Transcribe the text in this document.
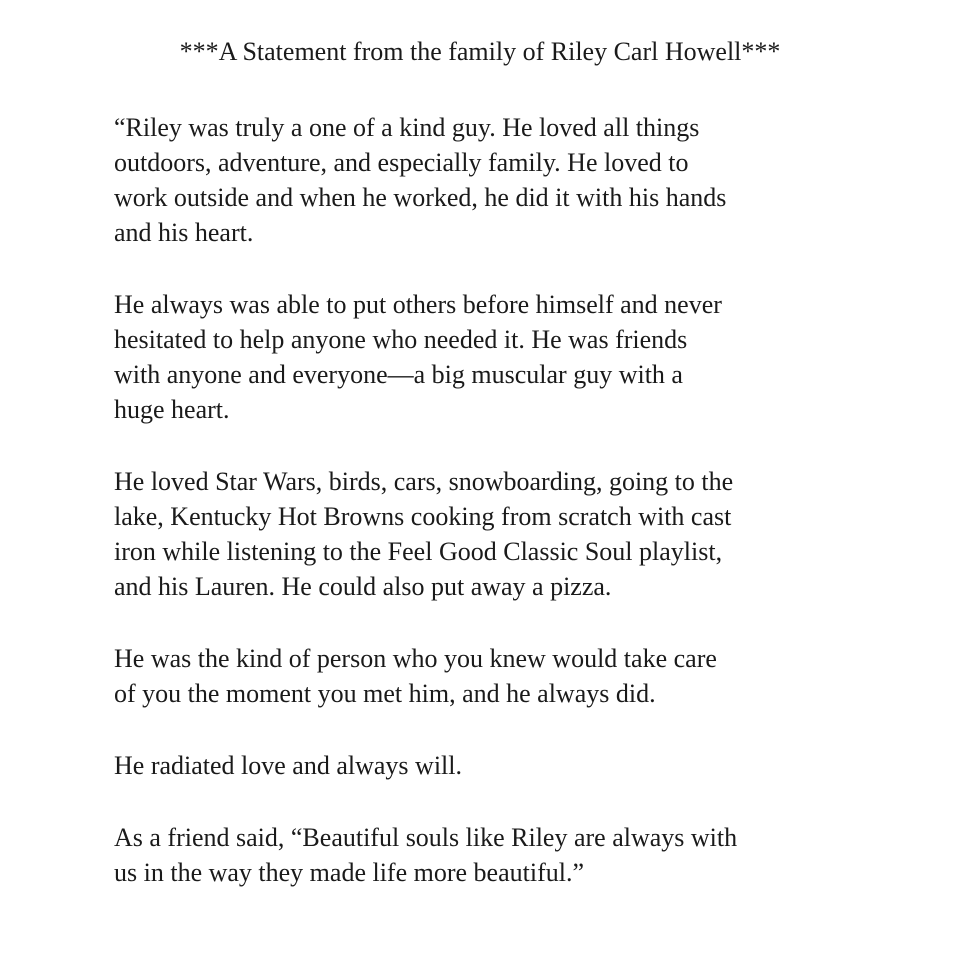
***A Statement from the family of Riley Carl Howell***

“Riley was truly a one of a kind guy. He loved all things
outdoors, adventure, and especially family. He loved to
work outside and when he worked, he did it with his hands
and his heart.

He always was able to put others before himself and never
hesitated to help anyone who needed it. He was friends
with anyone and everyone—a big muscular guy with a
huge heart.

He loved Star Wars, birds, cars, snowboarding, going to the
lake, Kentucky Hot Browns cooking from scratch with cast
iron while listening to the Feel Good Classic Soul playlist,
and his Lauren. He could also put away a pizza.

He was the kind of person who you knew would take care
of you the moment you met him, and he always did.

He radiated love and always will.

As a friend said, “Beautiful souls like Riley are always with
us in the way they made life more beautiful.”
